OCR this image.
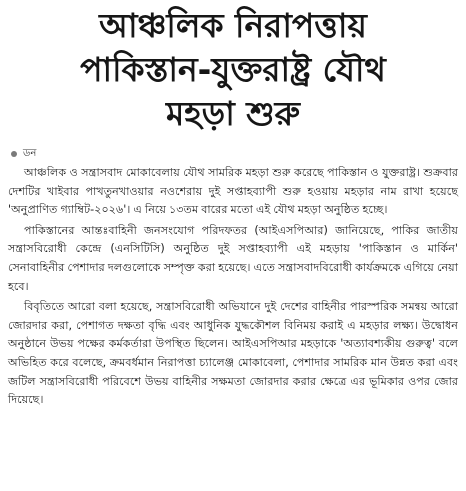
আঞ্চলিক নিরাপত্তায়
পাকিস্তান-যুক্তরাষ্ট্র যৌথ
মহড়া শুরু
ডন

আঞ্চলিক ও সন্ত্রাসবাদ মোকাবেলায় যৌথ সামরিক মহড়া শুরু করেছে পাকিস্তান ও যুক্তরাষ্ট্র। শুক্রবার দেশটির খাইবার পাখতুনখাওয়ার নওশেরায় দুই সপ্তাহব্যাপী শুরু হওয়ায় মহড়ার নাম রাখা হয়েছে 'অনুপ্রাণিত গ্যাম্বিট-২০২৬'। এ নিয়ে ১৩তম বারের মতো এই যৌথ মহড়া অনুষ্ঠিত হচ্ছে।

পাকিস্তানের আন্তঃবাহিনী জনসংযোগ পরিদফতর (আইএসপিআর) জানিয়েছে, পাকির জাতীয় সন্ত্রাসবিরোধী কেন্দ্রে (এনসিটিসি) অনুষ্ঠিত দুই সপ্তাহব্যাপী এই মহড়ায় 'পাকিস্তান ও মার্কিন' সেনাবাহিনীর পেশাদার দলগুলোকে সম্পৃক্ত করা হয়েছে। এতে সন্ত্রাসবাদবিরোধী কার্যক্রমকে এগিয়ে নেয়া হবে।

বিবৃতিতে আরো বলা হয়েছে, সন্ত্রাসবিরোধী অভিযানে দুই দেশের বাহিনীর পারস্পরিক সমন্বয় আরো জোরদার করা, পেশাগত দক্ষতা বৃদ্ধি এবং আধুনিক যুদ্ধকৌশল বিনিময় করাই এ মহড়ার লক্ষ্য। উদ্বোধন অনুষ্ঠানে উভয় পক্ষের কর্মকর্তারা উপস্থিত ছিলেন। আইএসপিআর মহড়াকে 'অত্যাবশ্যকীয় গুরুত্ব' বলে অভিহিত করে বলেছে, ক্রমবর্ধমান নিরাপত্তা চ্যালেঞ্জ মোকাবেলা, পেশাদার সামরিক মান উন্নত করা এবং জটিল সন্ত্রাসবিরোধী পরিবেশে উভয় বাহিনীর সক্ষমতা জোরদার করার ক্ষেত্রে এর ভূমিকার ওপর জোর দিয়েছে।
